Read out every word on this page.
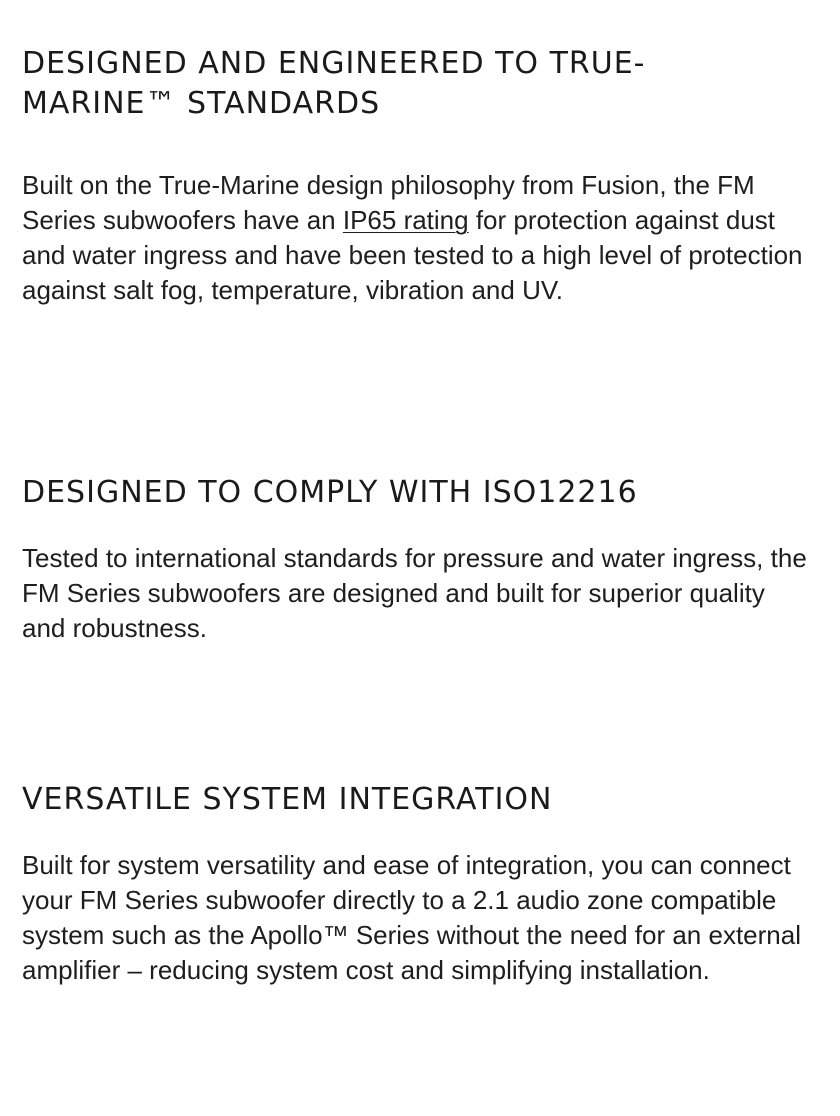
DESIGNED AND ENGINEERED TO TRUE-
MARINE™ STANDARDS

Built on the True-Marine design philosophy from Fusion, the FM Series subwoofers have an IP65 rating for protection against dust and water ingress and have been tested to a high level of protection against salt fog, temperature, vibration and UV.

DESIGNED TO COMPLY WITH ISO12216

Tested to international standards for pressure and water ingress, the FM Series subwoofers are designed and built for superior quality and robustness.

VERSATILE SYSTEM INTEGRATION

Built for system versatility and ease of integration, you can connect your FM Series subwoofer directly to a 2.1 audio zone compatible system such as the Apollo™ Series without the need for an external amplifier – reducing system cost and simplifying installation.
